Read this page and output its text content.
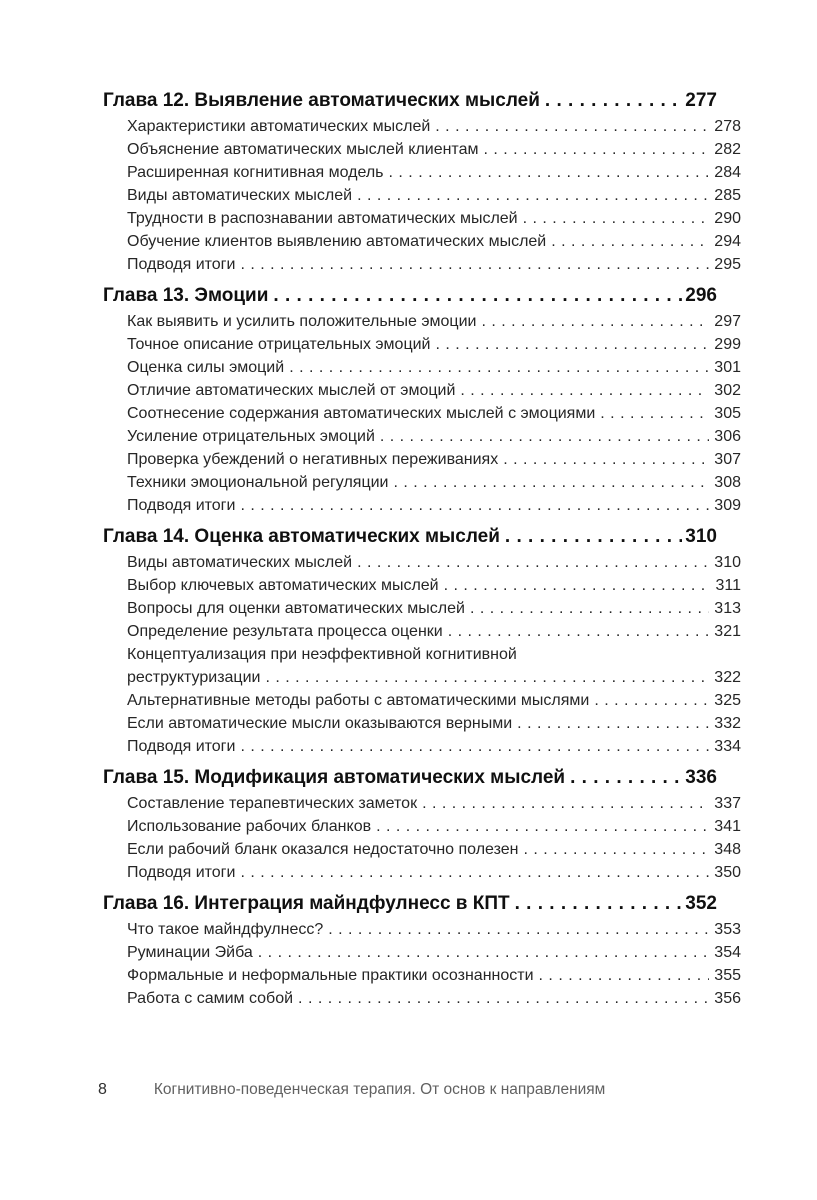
Глава 12. Выявление автоматических мыслей . . .	277
Характеристики автоматических мыслей . . .	278
Объяснение автоматических мыслей клиентам . . .	282
Расширенная когнитивная модель . . .	284
Виды автоматических мыслей . . .	285
Трудности в распознавании автоматических мыслей . . .	290
Обучение клиентов выявлению автоматических мыслей . . .	294
Подводя итоги . . .	295
Глава 13. Эмоции . . .	296
Как выявить и усилить положительные эмоции . . .	297
Точное описание отрицательных эмоций . . .	299
Оценка силы эмоций . . .	301
Отличие автоматических мыслей от эмоций . . .	302
Соотнесение содержания автоматических мыслей с эмоциями . . .	305
Усиление отрицательных эмоций . . .	306
Проверка убеждений о негативных переживаниях . . .	307
Техники эмоциональной регуляции . . .	308
Подводя итоги . . .	309
Глава 14. Оценка автоматических мыслей . . .	310
Виды автоматических мыслей . . .	310
Выбор ключевых автоматических мыслей . . .	311
Вопросы для оценки автоматических мыслей . . .	313
Определение результата процесса оценки . . .	321
Концептуализация при неэффективной когнитивной
реструктуризации . . .	322
Альтернативные методы работы с автоматическими мыслями . . .	325
Если автоматические мысли оказываются верными . . .	332
Подводя итоги . . .	334
Глава 15. Модификация автоматических мыслей . . .	336
Составление терапевтических заметок . . .	337
Использование рабочих бланков . . .	341
Если рабочий бланк оказался недостаточно полезен . . .	348
Подводя итоги . . .	350
Глава 16. Интеграция майндфулнесс в КПТ . . .	352
Что такое майндфулнесс? . . .	353
Руминации Эйба . . .	354
Формальные и неформальные практики осознанности . . .	355
Работа с самим собой . . .	356
8	Когнитивно-поведенческая терапия. От основ к направлениям
